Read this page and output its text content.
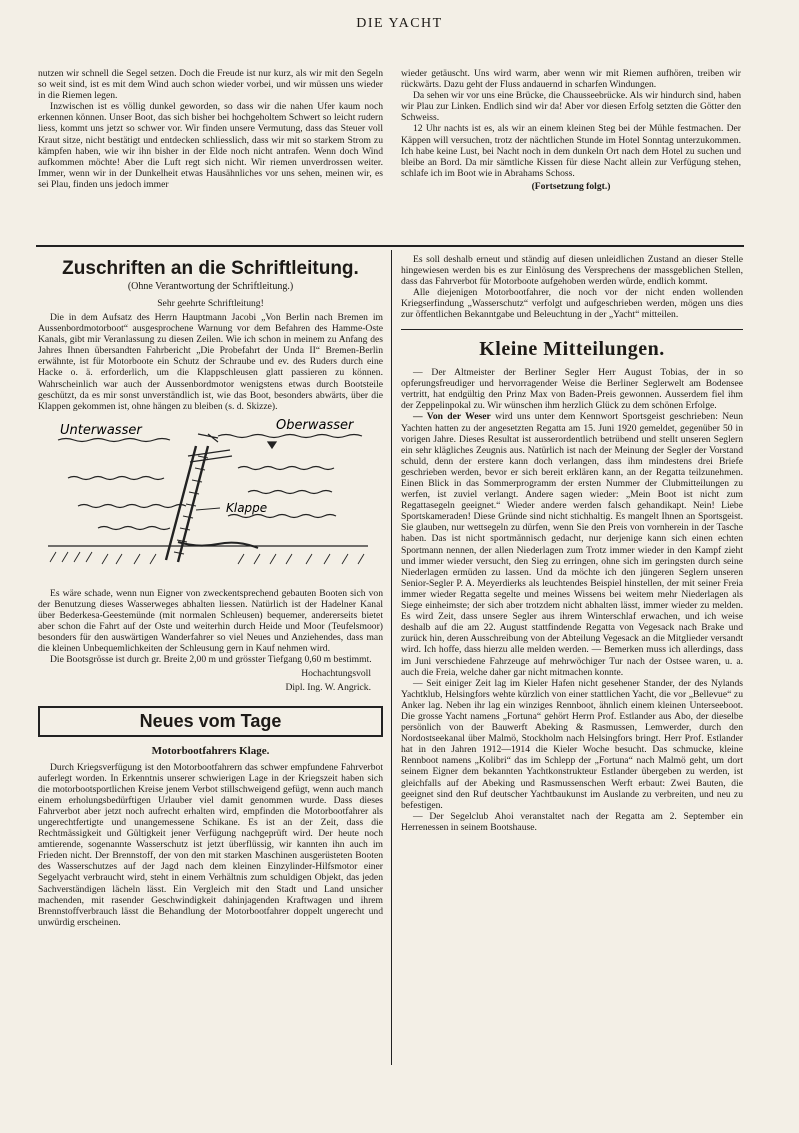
DIE YACHT

nutzen wir schnell die Segel setzen. Doch die Freude ist nur kurz, als wir mit den Segeln so weit sind, ist es mit dem Wind auch schon wieder vorbei, und wir müssen uns wieder in die Riemen legen.

Inzwischen ist es völlig dunkel geworden, so dass wir die nahen Ufer kaum noch erkennen können. Unser Boot, das sich bisher bei hochgeholtem Schwert so leicht rudern liess, kommt uns jetzt so schwer vor. Wir finden unsere Vermutung, dass das Steuer voll Kraut sitze, nicht bestätigt und entdecken schliesslich, dass wir mit so starkem Strom zu kämpfen haben, wie wir ihn bisher in der Elde noch nicht antrafen. Wenn doch Wind aufkommen möchte! Aber die Luft regt sich nicht. Wir riemen unverdrossen weiter. Immer, wenn wir in der Dunkelheit etwas Hausähnliches vor uns sehen, meinen wir, es sei Plau, finden uns jedoch immer

wieder getäuscht. Uns wird warm, aber wenn wir mit Riemen aufhören, treiben wir rückwärts. Dazu geht der Fluss andauernd in scharfen Windungen.

Da sehen wir vor uns eine Brücke, die Chausseebrücke. Als wir hindurch sind, haben wir Plau zur Linken. Endlich sind wir da! Aber vor diesen Erfolg setzten die Götter den Schweiss.

12 Uhr nachts ist es, als wir an einem kleinen Steg bei der Mühle festmachen. Der Käppen will versuchen, trotz der nächtlichen Stunde im Hotel Sonntag unterzukommen. Ich habe keine Lust, bei Nacht noch in dem dunkeln Ort nach dem Hotel zu suchen und bleibe an Bord. Da mir sämtliche Kissen für diese Nacht allein zur Verfügung stehen, schlafe ich im Boot wie in Abrahams Schoss.

(Fortsetzung folgt.)
Zuschriften an die Schriftleitung.
(Ohne Verantwortung der Schriftleitung.)
Sehr geehrte Schriftleitung!

Die in dem Aufsatz des Herrn Hauptmann Jacobi „Von Berlin nach Bremen im Aussenbordmotorboot“ ausgesprochene Warnung vor dem Befahren des Hamme-Oste Kanals, gibt mir Veranlassung zu diesen Zeilen. Wie ich schon in meinem zu Anfang des Jahres Ihnen übersandten Fahrbericht „Die Probefahrt der Unda II“ Bremen-Berlin erwähnte, ist für Motorboote ein Schutz der Schraube und ev. des Ruders durch eine Hacke o. ä. erforderlich, um die Klappschleusen glatt passieren zu können. Wahrscheinlich war auch der Aussenbordmotor wenigstens etwas durch Bootsteile geschützt, da es mir sonst unverständlich ist, wie das Boot, besonders abwärts, über die Klappen gekommen ist, ohne hängen zu bleiben (s. d. Skizze).

Unterwasser	Oberwasser
Klappe

Es wäre schade, wenn nun Eigner von zweckentsprechend gebauten Booten sich von der Benutzung dieses Wasserweges abhalten liessen. Natürlich ist der Hadelner Kanal über Bederkesa-Geestemünde (mit normalen Schleusen) bequemer, andererseits bietet aber schon die Fahrt auf der Oste und weiterhin durch Heide und Moor (Teufelsmoor) besonders für den auswärtigen Wanderfahrer so viel Neues und Anziehendes, dass man die kleinen Unbequemlichkeiten der Schleusung gern in Kauf nehmen wird.

Die Bootsgrösse ist durch gr. Breite 2,00 m und grösster Tiefgang 0,60 m bestimmt.

Hochachtungsvoll
Dipl. Ing. W. Angrick.
Neues vom Tage
Motorbootfahrers Klage.

Durch Kriegsverfügung ist den Motorbootfahrern das schwer empfundene Fahrverbot auferlegt worden. In Erkenntnis unserer schwierigen Lage in der Kriegszeit haben sich die motorbootsportlichen Kreise jenem Verbot stillschweigend gefügt, wenn auch manch einem erholungsbedürftigen Urlauber viel damit genommen wurde. Dass dieses Fahrverbot aber jetzt noch aufrecht erhalten wird, empfinden die Motorbootfahrer als ungerechtfertigte und unangemessene Schikane. Es ist an der Zeit, dass die Rechtmässigkeit und Gültigkeit jener Verfügung nachgeprüft wird. Der heute noch amtierende, sogenannte Wasserschutz ist jetzt überflüssig, wir kannten ihn auch im Frieden nicht. Der Brennstoff, der von den mit starken Maschinen ausgerüsteten Booten des Wasserschutzes auf der Jagd nach dem kleinen Einzylinder-Hilfsmotor einer Segelyacht verbraucht wird, steht in einem Verhältnis zum schuldigen Objekt, das jeden Sachverständigen lächeln lässt. Ein Vergleich mit den Stadt und Land unsicher machenden, mit rasender Geschwindigkeit dahinjagenden Kraftwagen und ihrem Brennstoffverbrauch lässt die Behandlung der Motorbootfahrer doppelt ungerecht und unwürdig erscheinen.

Es soll deshalb erneut und ständig auf diesen unleidlichen Zustand an dieser Stelle hingewiesen werden bis es zur Einlösung des Versprechens der massgeblichen Stellen, dass das Fahrverbot für Motorboote aufgehoben werden würde, endlich kommt.

Alle diejenigen Motorbootfahrer, die noch vor der nicht enden wollenden Kriegserfindung „Wasserschutz“ verfolgt und aufgeschrieben werden, mögen uns dies zur öffentlichen Bekanntgabe und Beleuchtung in der „Yacht“ mitteilen.

Kleine Mitteilungen.

— Der Altmeister der Berliner Segler Herr August Tobias, der in so opferungsfreudiger und hervorragender Weise die Berliner Seglerwelt am Bodensee vertritt, hat endgültig den Prinz Max von Baden-Preis gewonnen. Ausserdem fiel ihm der Zeppelinpokal zu. Wir wünschen ihm herzlich Glück zu dem schönen Erfolge.

— Von der Weser wird uns unter dem Kennwort Sportsgeist geschrieben: Neun Yachten hatten zu der angesetzten Regatta am 15. Juni 1920 gemeldet, gegenüber 50 in vorigen Jahre. Dieses Resultat ist ausserordentlich betrübend und stellt unseren Seglern ein sehr klägliches Zeugnis aus. Natürlich ist nach der Meinung der Segler der Vorstand schuld, denn der erstere kann doch verlangen, dass ihm mindestens drei Briefe geschrieben werden, bevor er sich bereit erklären kann, an der Regatta teilzunehmen. Einen Blick in das Sommerprogramm der ersten Nummer der Clubmitteilungen zu werfen, ist zuviel verlangt. Andere sagen wieder: „Mein Boot ist nicht zum Regattasegeln geeignet.“ Wieder andere werden falsch gehandikapt. Nein! Liebe Sportskameraden! Diese Gründe sind nicht stichhaltig. Es mangelt Ihnen an Sportsgeist. Sie glauben, nur wettsegeln zu dürfen, wenn Sie den Preis von vornherein in der Tasche haben. Das ist nicht sportmännisch gedacht, nur derjenige kann sich einen echten Sportmann nennen, der allen Niederlagen zum Trotz immer wieder in den Kampf zieht und immer wieder versucht, den Sieg zu erringen, ohne sich im geringsten durch seine Niederlagen ermüden zu lassen. Und da möchte ich den jüngeren Seglern unseren Senior-Segler P. A. Meyerdierks als leuchtendes Beispiel hinstellen, der mit seiner Freia immer wieder Regatta segelte und meines Wissens bei weitem mehr Niederlagen als Siege einheimste; der sich aber trotzdem nicht abhalten lässt, immer wieder zu melden. Es wird Zeit, dass unsere Segler aus ihrem Winterschlaf erwachen, und ich weise deshalb auf die am 22. August stattfindende Regatta von Vegesack nach Brake und zurück hin, deren Ausschreibung von der Abteilung Vegesack an die Mitglieder versandt wird. Ich hoffe, dass hierzu alle melden werden. — Bemerken muss ich allerdings, dass im Juni verschiedene Fahrzeuge auf mehrwöchiger Tur nach der Ostsee waren, u. a. auch die Freia, welche daher gar nicht mitmachen konnte.

— Seit einiger Zeit lag im Kieler Hafen nicht gesehener Stander, der des Nylands Yachtklub, Helsingfors wehte kürzlich von einer stattlichen Yacht, die vor „Bellevue“ zu Anker lag. Neben ihr lag ein winziges Rennboot, ähnlich einem kleinen Unterseeboot. Die grosse Yacht namens „Fortuna“ gehört Herrn Prof. Estlander aus Abo, der dieselbe persönlich von der Bauwerft Abeking & Rasmussen, Lemwerder, durch den Nordostseekanal über Malmö, Stockholm nach Helsingfors bringt. Herr Prof. Estlander hat in den Jahren 1912—1914 die Kieler Woche besucht. Das schmucke, kleine Rennboot namens „Kolibri“ das im Schlepp der „Fortuna“ nach Malmö geht, um dort seinem Eigner dem bekannten Yachtkonstrukteur Estlander übergeben zu werden, ist gleichfalls auf der Abeking und Rasmussenschen Werft erbaut: Zwei Bauten, die geeignet sind den Ruf deutscher Yachtbaukunst im Auslande zu verbreiten, und neu zu befestigen.

— Der Segelclub Ahoi veranstaltet nach der Regatta am 2. September ein Herrenessen in seinem Bootshause.
